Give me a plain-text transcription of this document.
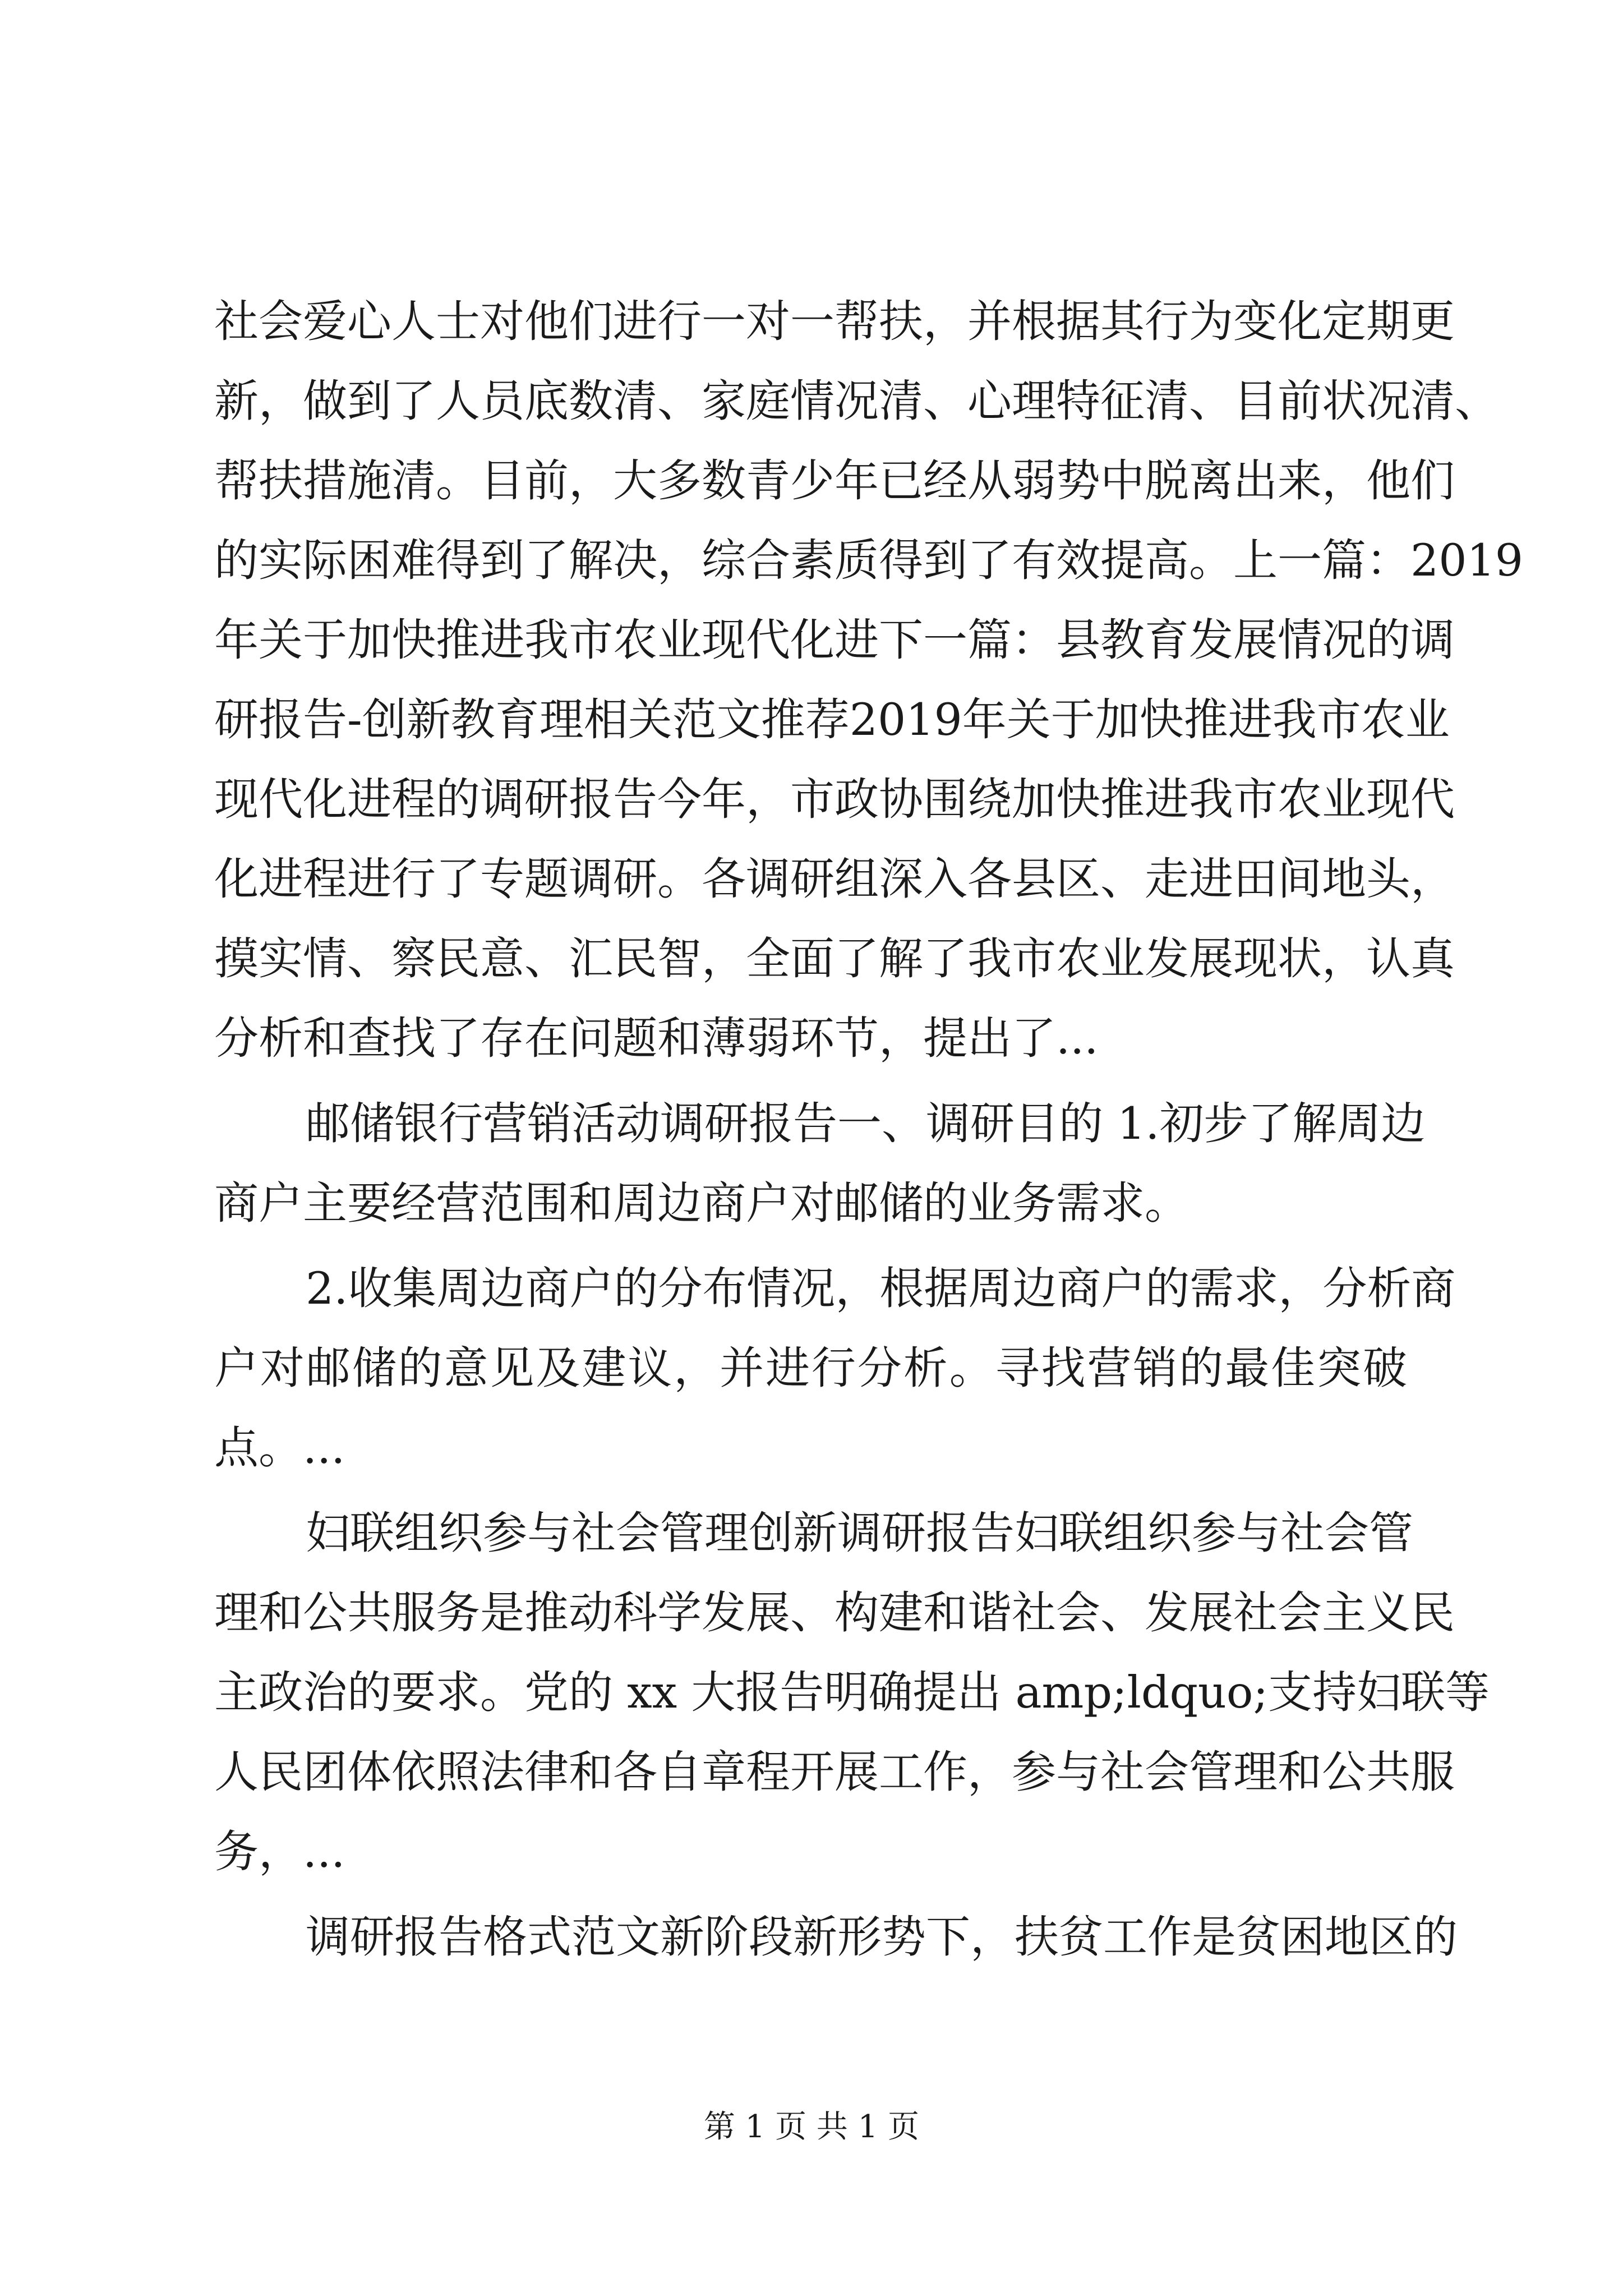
社会爱心人士对他们进行一对一帮扶，并根据其行为变化定期更
新，做到了人员底数清、家庭情况清、心理特征清、目前状况清、
帮扶措施清。目前，大多数青少年已经从弱势中脱离出来，他们
的实际困难得到了解决，综合素质得到了有效提高。上一篇：2019
年关于加快推进我市农业现代化进下一篇：县教育发展情况的调
研报告-创新教育理相关范文推荐2019年关于加快推进我市农业
现代化进程的调研报告今年，市政协围绕加快推进我市农业现代
化进程进行了专题调研。各调研组深入各县区、走进田间地头，
摸实情、察民意、汇民智，全面了解了我市农业发展现状，认真
分析和查找了存在问题和薄弱环节，提出了...
邮储银行营销活动调研报告一、调研目的 1.初步了解周边
商户主要经营范围和周边商户对邮储的业务需求。
2.收集周边商户的分布情况，根据周边商户的需求，分析商
户对邮储的意见及建议，并进行分析。寻找营销的最佳突破
点。...
妇联组织参与社会管理创新调研报告妇联组织参与社会管
理和公共服务是推动科学发展、构建和谐社会、发展社会主义民
主政治的要求。党的 xx 大报告明确提出 amp;ldquo;支持妇联等
人民团体依照法律和各自章程开展工作，参与社会管理和公共服
务，...
调研报告格式范文新阶段新形势下，扶贫工作是贫困地区的
第 1 页 共 1 页
